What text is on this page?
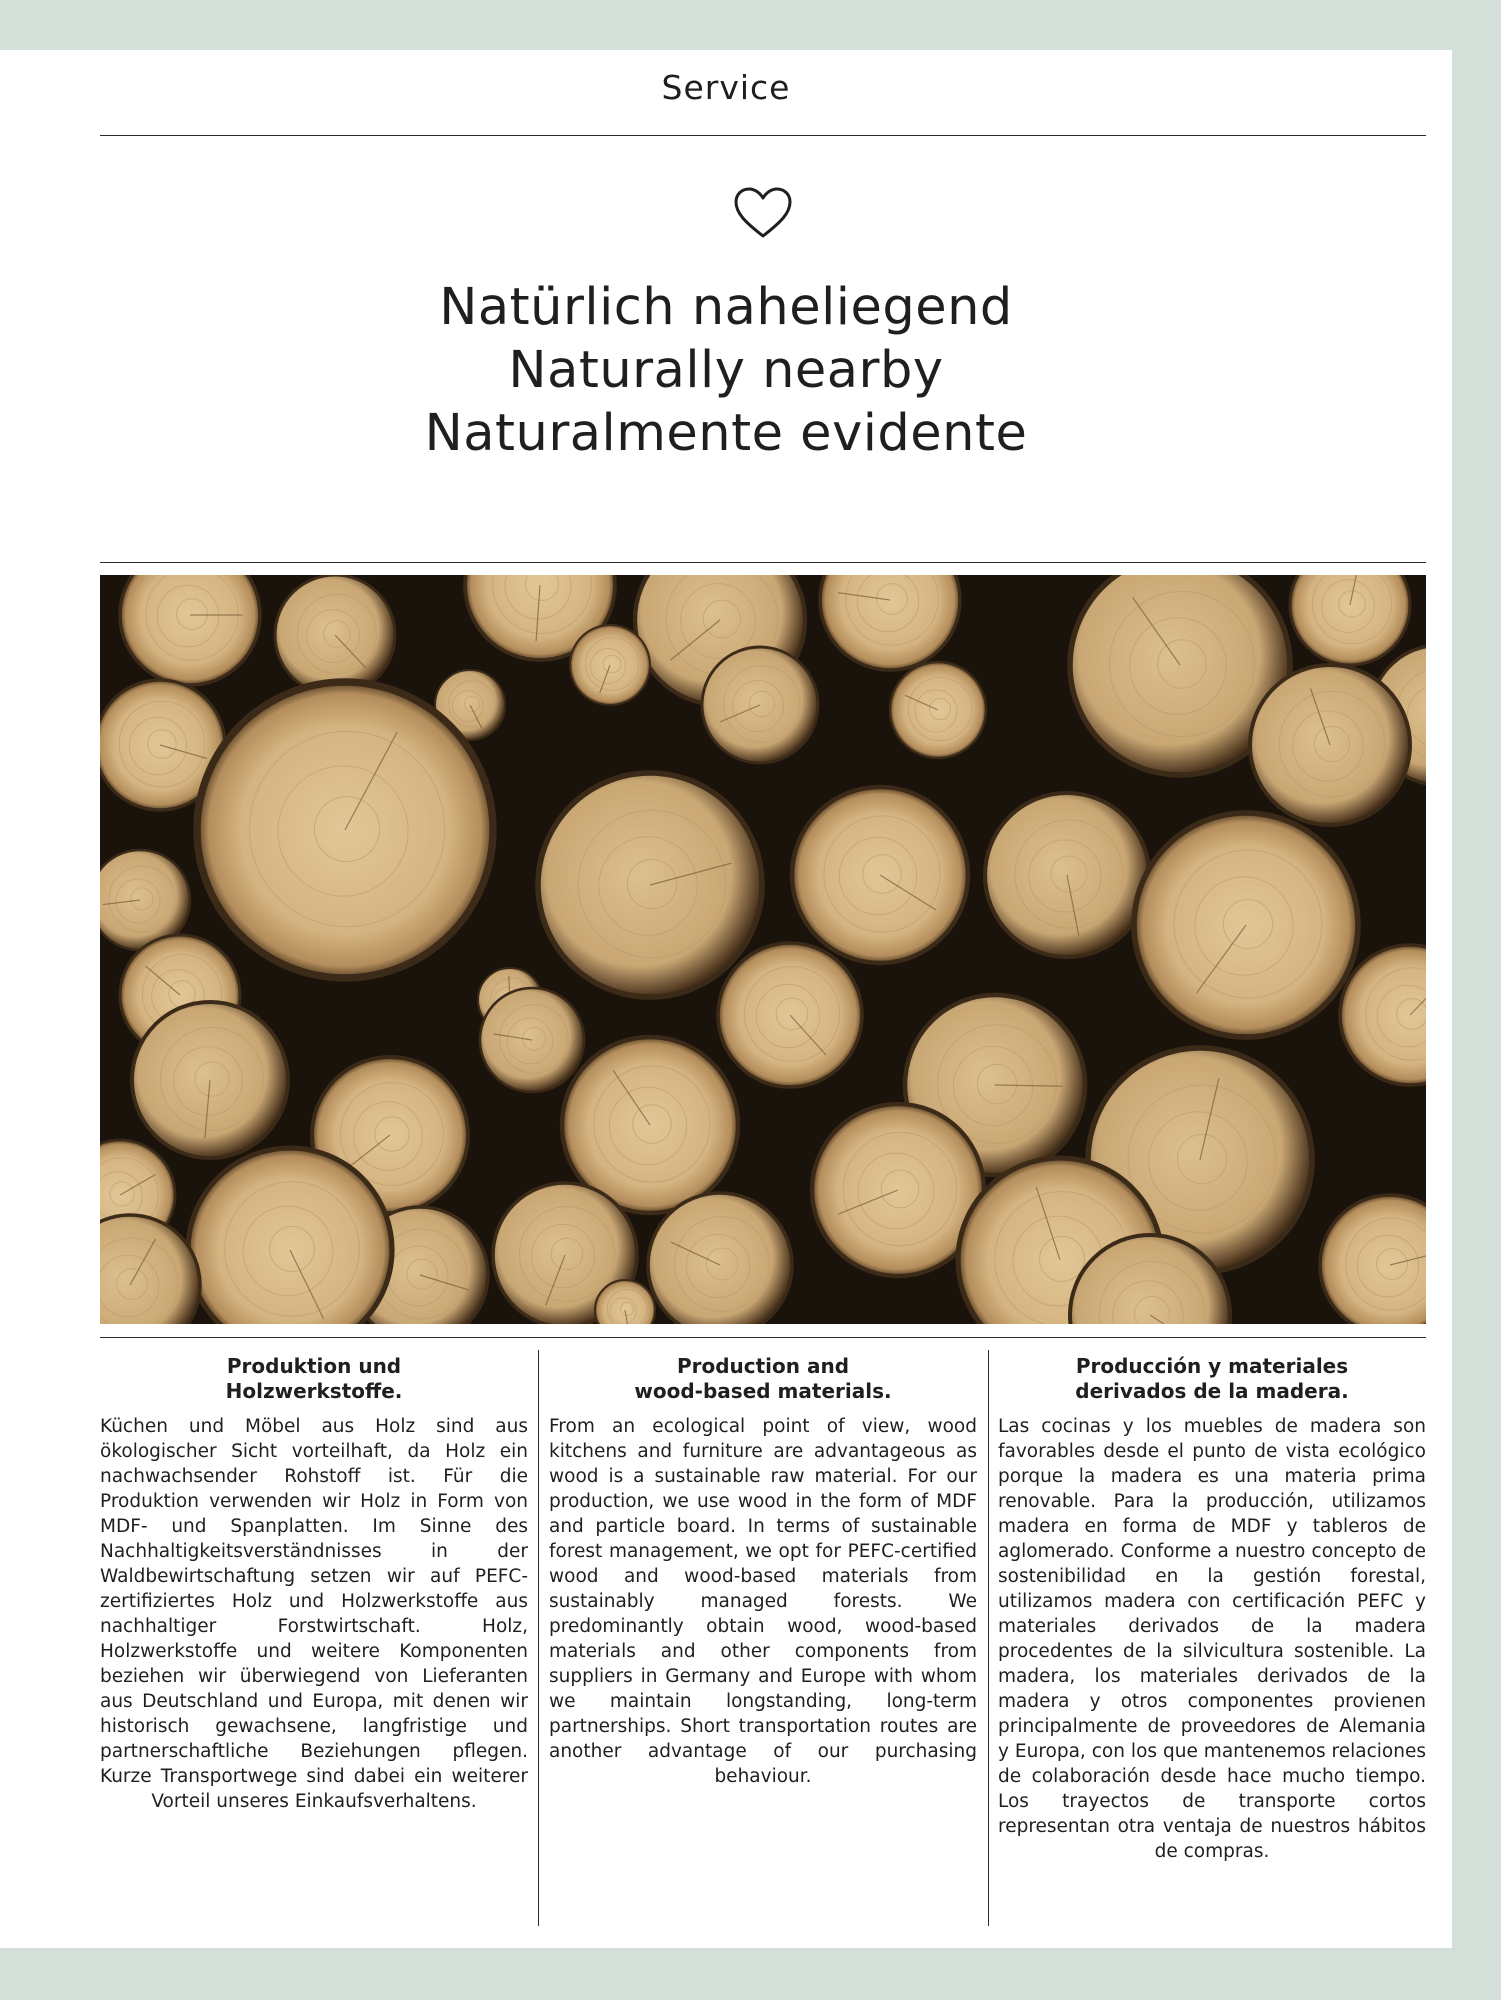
Service
Natürlich naheliegend
Naturally nearby
Naturalmente evidente
Produktion und
Holzwerkstoffe.

Küchen und Möbel aus Holz sind aus ökologischer Sicht vorteilhaft, da Holz ein nachwachsender Rohstoff ist. Für die Produktion verwenden wir Holz in Form von MDF- und Spanplatten. Im Sinne des Nachhaltigkeitsverständnisses in der Waldbewirtschaftung setzen wir auf PEFC-zertifiziertes Holz und Holzwerkstoffe aus nachhaltiger Forstwirtschaft. Holz, Holzwerkstoffe und weitere Komponenten beziehen wir überwiegend von Lieferanten aus Deutschland und Europa, mit denen wir historisch gewachsene, langfristige und partnerschaftliche Beziehungen pflegen. Kurze Transportwege sind dabei ein weiterer Vorteil unseres Einkaufsverhaltens.

Production and
wood-based materials.

From an ecological point of view, wood kitchens and furniture are advantageous as wood is a sustainable raw material. For our production, we use wood in the form of MDF and particle board. In terms of sustainable forest management, we opt for PEFC-certified wood and wood-based materials from sustainably managed forests. We predominantly obtain wood, wood-based materials and other components from suppliers in Germany and Europe with whom we maintain longstanding, long-term partnerships. Short transportation routes are another advantage of our purchasing behaviour.

Producción y materiales
derivados de la madera.

Las cocinas y los muebles de madera son favorables desde el punto de vista ecológico porque la madera es una materia prima renovable. Para la producción, utilizamos madera en forma de MDF y tableros de aglomerado. Conforme a nuestro concepto de sostenibilidad en la gestión forestal, utilizamos madera con certificación PEFC y materiales derivados de la madera procedentes de la silvicultura sostenible. La madera, los materiales derivados de la madera y otros componentes provienen principalmente de proveedores de Alemania y Europa, con los que mantenemos relaciones de colaboración desde hace mucho tiempo. Los trayectos de transporte cortos representan otra ventaja de nuestros hábitos de compras.
